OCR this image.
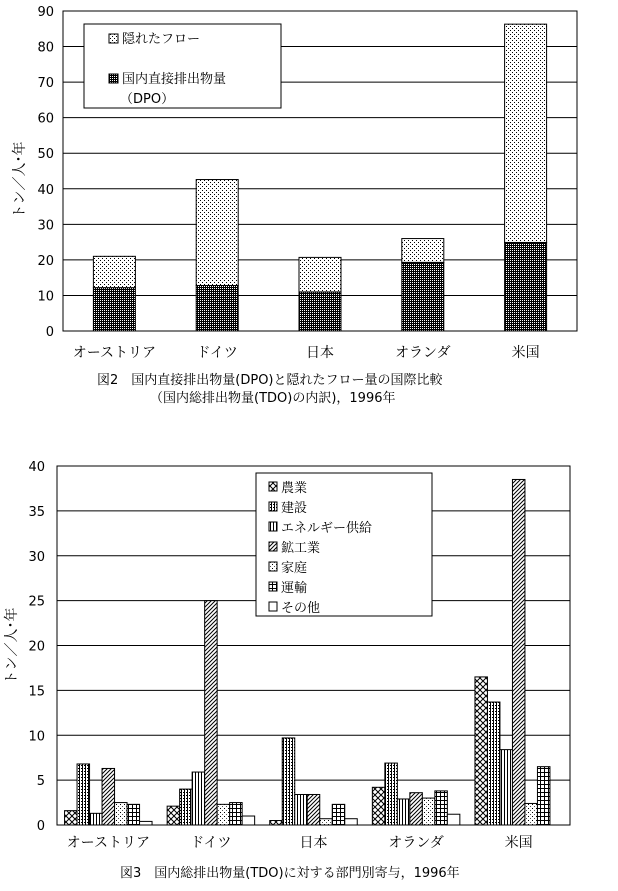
0
10
20
30
40
50
60
70
80
90
オーストリア	ドイツ	日本	オランダ	米国
トン／人･年
隠れたフロー
国内直接排出物量
（DPO）
図2　国内直接排出物量(DPO)と隠れたフロー量の国際比較
（国内総排出物量(TDO)の内訳)，1996年
0
5
10
15
20
25
30
35
40
オーストリア	ドイツ	日本	オランダ	米国
トン／人･年
農業
建設
エネルギー供給
鉱工業
家庭
運輸
その他
図3　国内総排出物量(TDO)に対する部門別寄与，1996年
